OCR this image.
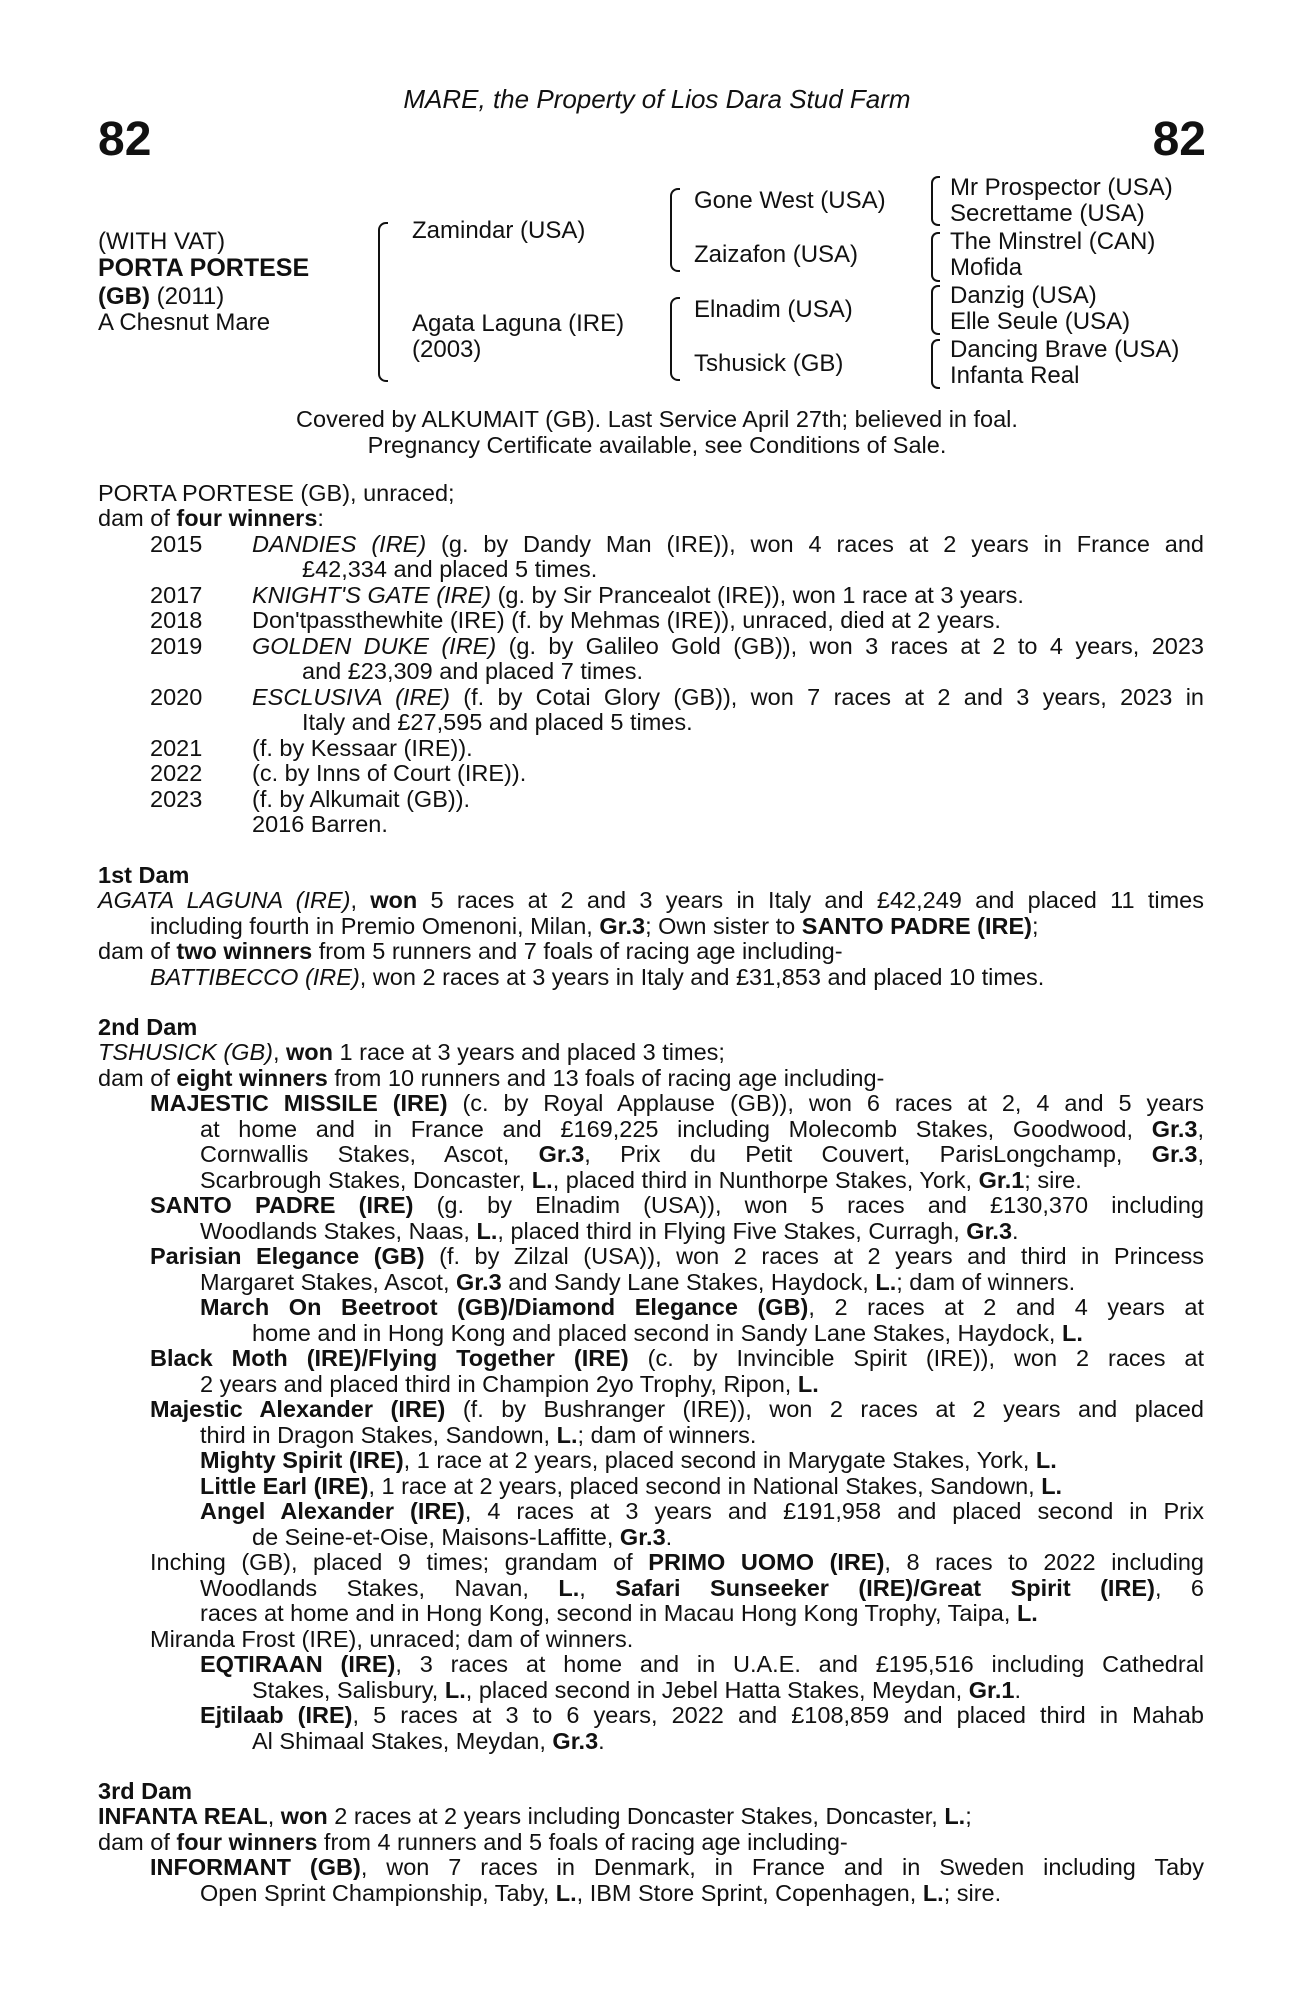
82	82
MARE, the Property of Lios Dara Stud Farm
(WITH VAT)
PORTA PORTESE
(GB) (2011)
A Chesnut Mare
Zamindar (USA)
Agata Laguna (IRE)
(2003)
Gone West (USA)
Zaizafon (USA)
Elnadim (USA)
Tshusick (GB)
Mr Prospector (USA)
Secrettame (USA)
The Minstrel (CAN)
Mofida
Danzig (USA)
Elle Seule (USA)
Dancing Brave (USA)
Infanta Real
Covered by ALKUMAIT (GB). Last Service April 27th; believed in foal.
Pregnancy Certificate available, see Conditions of Sale.
PORTA PORTESE (GB), unraced;
dam of four winners:
2015 DANDIES (IRE) (g. by Dandy Man (IRE)), won 4 races at 2 years in France and
£42,334 and placed 5 times.
2017 KNIGHT'S GATE (IRE) (g. by Sir Prancealot (IRE)), won 1 race at 3 years.
2018 Don'tpassthewhite (IRE) (f. by Mehmas (IRE)), unraced, died at 2 years.
2019 GOLDEN DUKE (IRE) (g. by Galileo Gold (GB)), won 3 races at 2 to 4 years, 2023
and £23,309 and placed 7 times.
2020 ESCLUSIVA (IRE) (f. by Cotai Glory (GB)), won 7 races at 2 and 3 years, 2023 in
Italy and £27,595 and placed 5 times.
2021 (f. by Kessaar (IRE)).
2022 (c. by Inns of Court (IRE)).
2023 (f. by Alkumait (GB)).
2016 Barren.
1st Dam
AGATA LAGUNA (IRE), won 5 races at 2 and 3 years in Italy and £42,249 and placed 11 times
including fourth in Premio Omenoni, Milan, Gr.3; Own sister to SANTO PADRE (IRE);
dam of two winners from 5 runners and 7 foals of racing age including-
BATTIBECCO (IRE), won 2 races at 3 years in Italy and £31,853 and placed 10 times.
2nd Dam
TSHUSICK (GB), won 1 race at 3 years and placed 3 times;
dam of eight winners from 10 runners and 13 foals of racing age including-
MAJESTIC MISSILE (IRE) (c. by Royal Applause (GB)), won 6 races at 2, 4 and 5 years
at home and in France and £169,225 including Molecomb Stakes, Goodwood, Gr.3,
Cornwallis Stakes, Ascot, Gr.3, Prix du Petit Couvert, ParisLongchamp, Gr.3,
Scarbrough Stakes, Doncaster, L., placed third in Nunthorpe Stakes, York, Gr.1; sire.
SANTO PADRE (IRE) (g. by Elnadim (USA)), won 5 races and £130,370 including
Woodlands Stakes, Naas, L., placed third in Flying Five Stakes, Curragh, Gr.3.
Parisian Elegance (GB) (f. by Zilzal (USA)), won 2 races at 2 years and third in Princess
Margaret Stakes, Ascot, Gr.3 and Sandy Lane Stakes, Haydock, L.; dam of winners.
March On Beetroot (GB)/Diamond Elegance (GB), 2 races at 2 and 4 years at
home and in Hong Kong and placed second in Sandy Lane Stakes, Haydock, L.
Black Moth (IRE)/Flying Together (IRE) (c. by Invincible Spirit (IRE)), won 2 races at
2 years and placed third in Champion 2yo Trophy, Ripon, L.
Majestic Alexander (IRE) (f. by Bushranger (IRE)), won 2 races at 2 years and placed
third in Dragon Stakes, Sandown, L.; dam of winners.
Mighty Spirit (IRE), 1 race at 2 years, placed second in Marygate Stakes, York, L.
Little Earl (IRE), 1 race at 2 years, placed second in National Stakes, Sandown, L.
Angel Alexander (IRE), 4 races at 3 years and £191,958 and placed second in Prix
de Seine-et-Oise, Maisons-Laffitte, Gr.3.
Inching (GB), placed 9 times; grandam of PRIMO UOMO (IRE), 8 races to 2022 including
Woodlands Stakes, Navan, L., Safari Sunseeker (IRE)/Great Spirit (IRE), 6
races at home and in Hong Kong, second in Macau Hong Kong Trophy, Taipa, L.
Miranda Frost (IRE), unraced; dam of winners.
EQTIRAAN (IRE), 3 races at home and in U.A.E. and £195,516 including Cathedral
Stakes, Salisbury, L., placed second in Jebel Hatta Stakes, Meydan, Gr.1.
Ejtilaab (IRE), 5 races at 3 to 6 years, 2022 and £108,859 and placed third in Mahab
Al Shimaal Stakes, Meydan, Gr.3.
3rd Dam
INFANTA REAL, won 2 races at 2 years including Doncaster Stakes, Doncaster, L.;
dam of four winners from 4 runners and 5 foals of racing age including-
INFORMANT (GB), won 7 races in Denmark, in France and in Sweden including Taby
Open Sprint Championship, Taby, L., IBM Store Sprint, Copenhagen, L.; sire.
